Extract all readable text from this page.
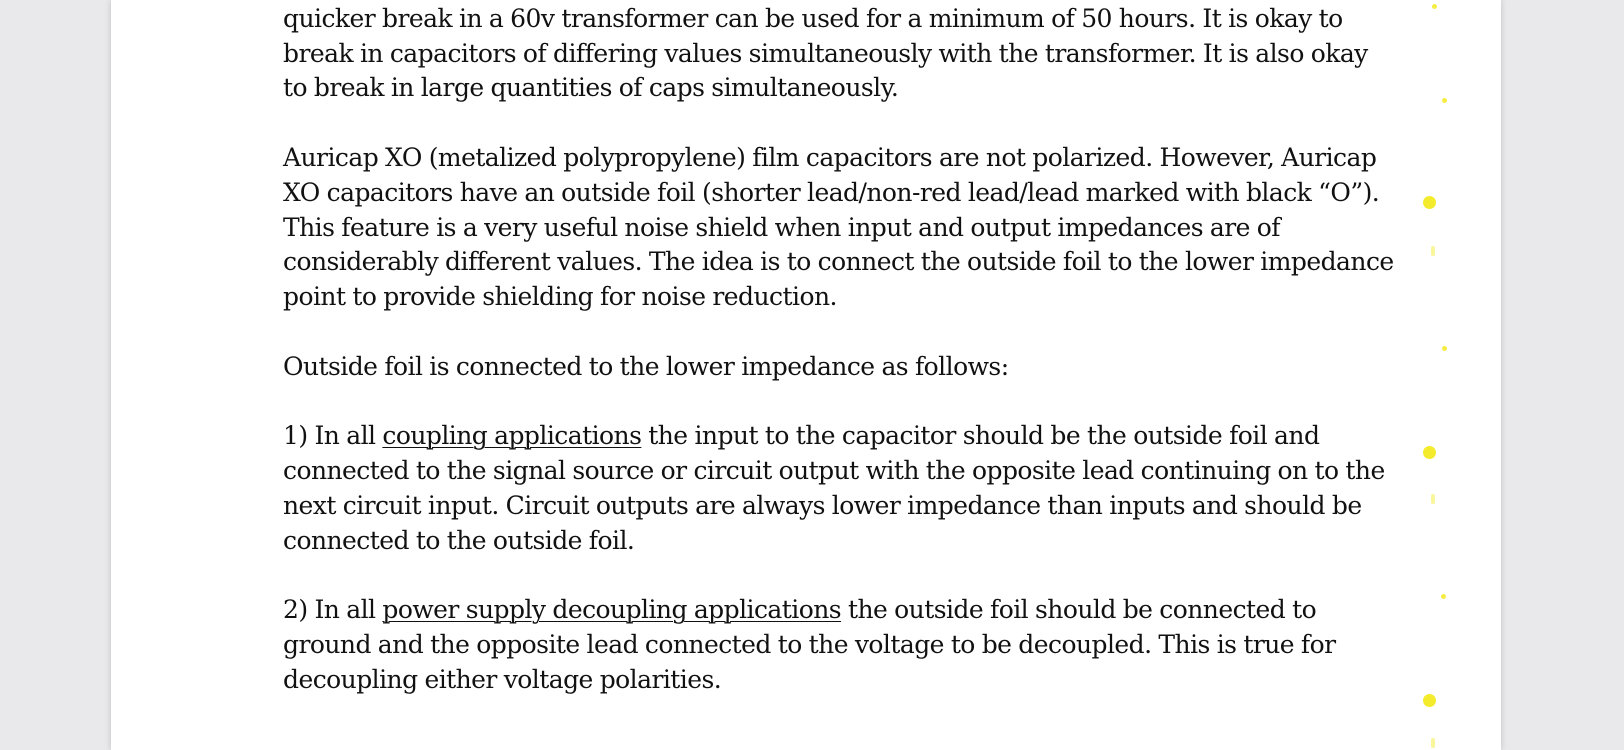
quicker break in a 60v transformer can be used for a minimum of 50 hours. It is okay to
break in capacitors of differing values simultaneously with the transformer. It is also okay
to break in large quantities of caps simultaneously.

Auricap XO (metalized polypropylene) film capacitors are not polarized. However, Auricap
XO capacitors have an outside foil (shorter lead/non-red lead/lead marked with black “O”).
This feature is a very useful noise shield when input and output impedances are of
considerably different values. The idea is to connect the outside foil to the lower impedance
point to provide shielding for noise reduction.

Outside foil is connected to the lower impedance as follows:

1) In all coupling applications the input to the capacitor should be the outside foil and
connected to the signal source or circuit output with the opposite lead continuing on to the
next circuit input. Circuit outputs are always lower impedance than inputs and should be
connected to the outside foil.

2) In all power supply decoupling applications the outside foil should be connected to
ground and the opposite lead connected to the voltage to be decoupled. This is true for
decoupling either voltage polarities.
